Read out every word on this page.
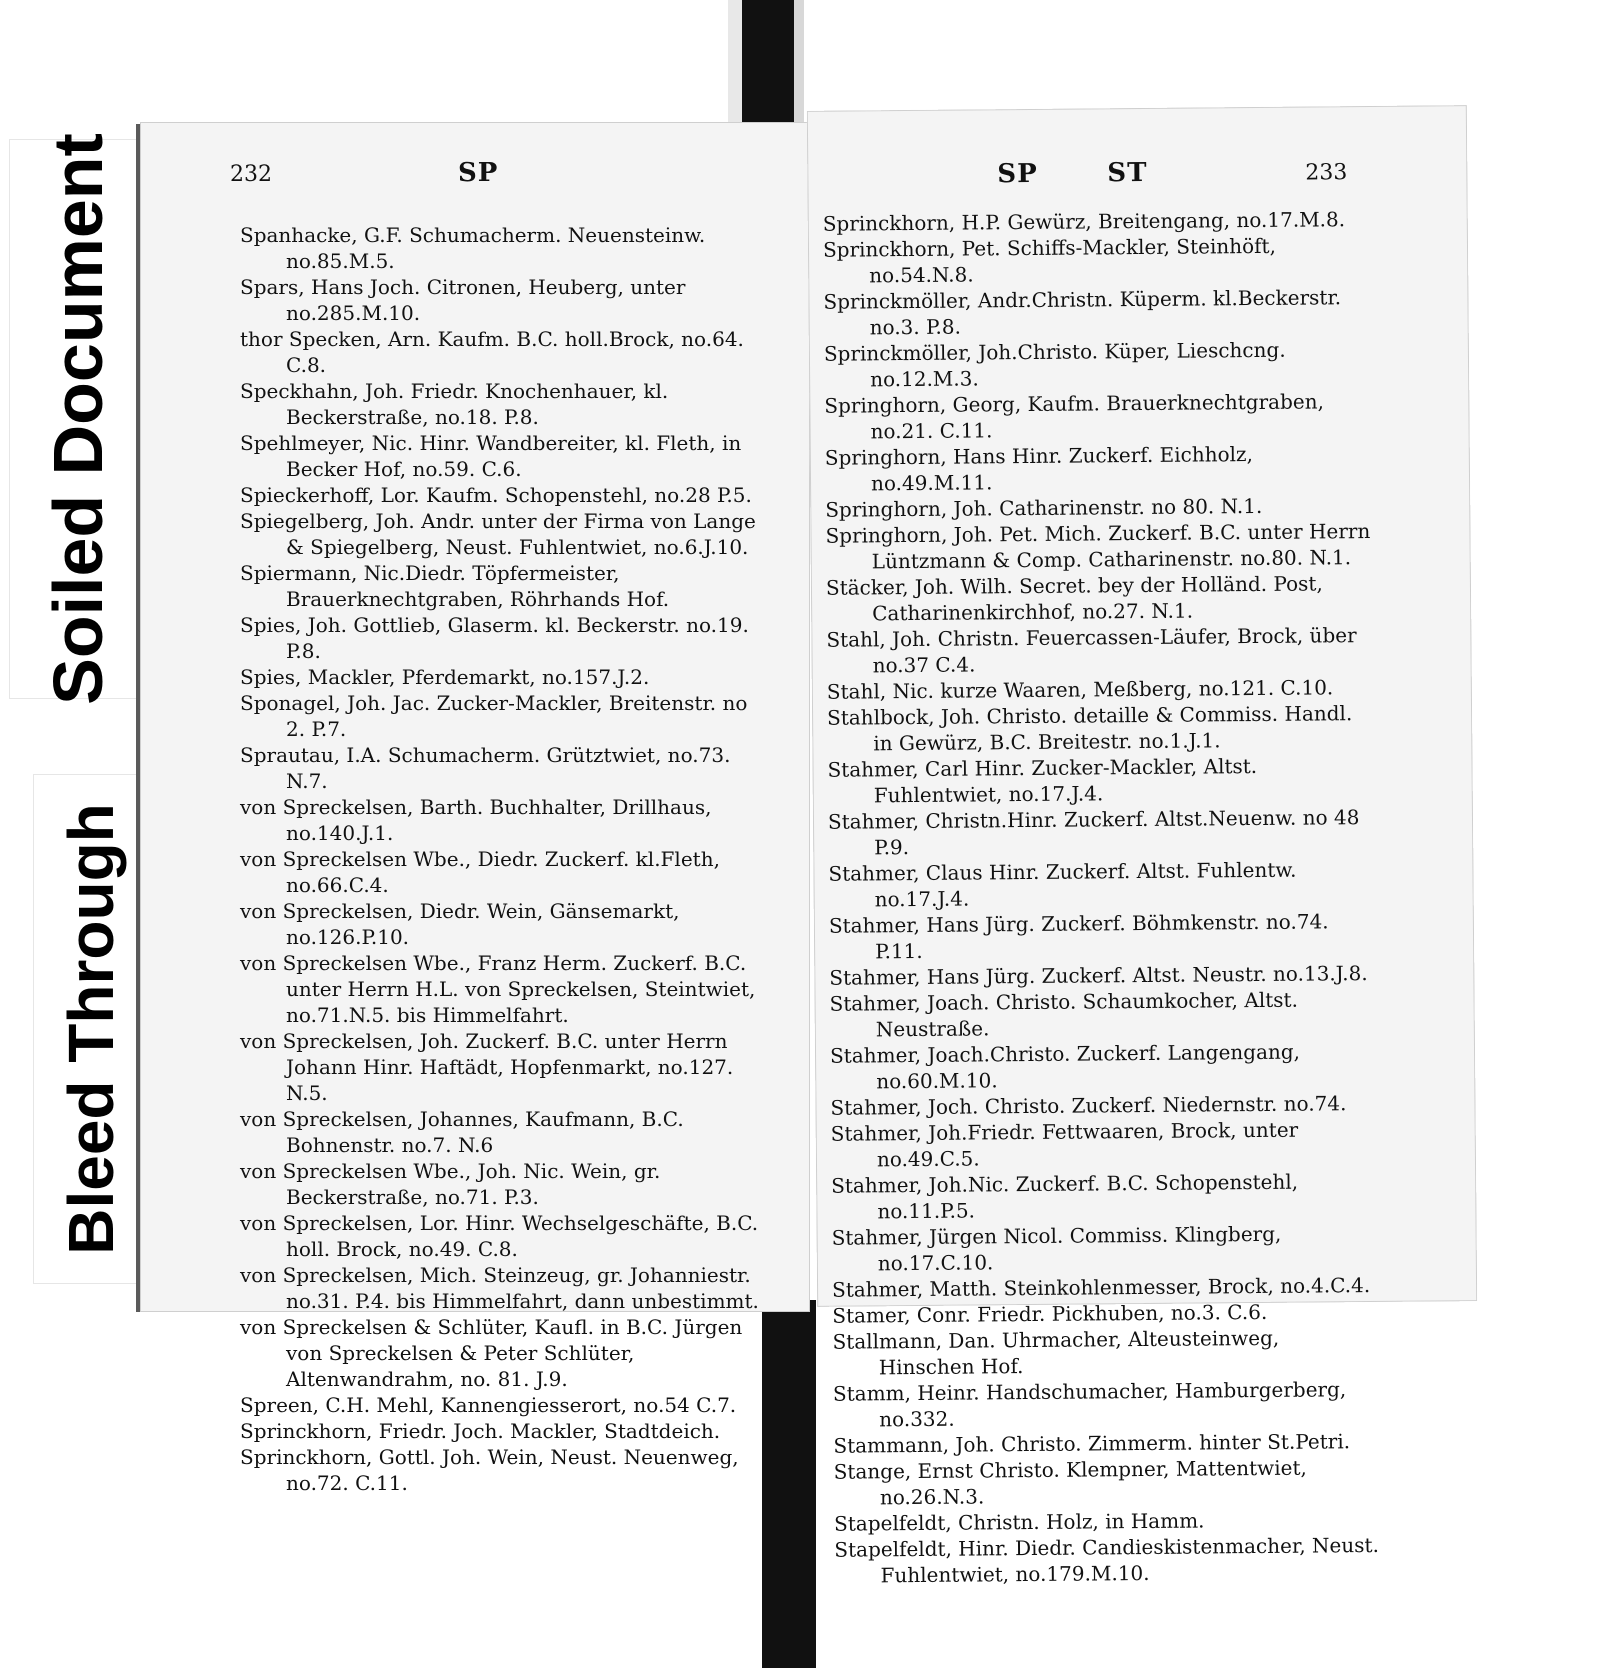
Soiled Document
Bleed Through
232	SP
Spanhacke, G.F. Schumacherm. Neuensteinw. no.85.M.5.
Spars, Hans Joch. Citronen, Heuberg, unter no.285.M.10.
thor Specken, Arn. Kaufm. B.C. holl.Brock, no.64. C.8.
Speckhahn, Joh. Friedr. Knochenhauer, kl. Beckerstraße, no.18. P.8.
Spehlmeyer, Nic. Hinr. Wandbereiter, kl. Fleth, in Becker Hof, no.59. C.6.
Spieckerhoff, Lor. Kaufm. Schopenstehl, no.28 P.5.
Spiegelberg, Joh. Andr. unter der Firma von Lange & Spiegelberg, Neust. Fuhlentwiet, no.6.J.10.
Spiermann, Nic.Diedr. Töpfermeister, Brauerknechtgraben, Röhrhands Hof.
Spies, Joh. Gottlieb, Glaserm. kl. Beckerstr. no.19. P.8.
Spies, Mackler, Pferdemarkt, no.157.J.2.
Sponagel, Joh. Jac. Zucker-Mackler, Breitenstr. no 2. P.7.
Sprautau, I.A. Schumacherm. Grütztwiet, no.73. N.7.
von Spreckelsen, Barth. Buchhalter, Drillhaus, no.140.J.1.
von Spreckelsen Wbe., Diedr. Zuckerf. kl.Fleth, no.66.C.4.
von Spreckelsen, Diedr. Wein, Gänsemarkt, no.126.P.10.
von Spreckelsen Wbe., Franz Herm. Zuckerf. B.C. unter Herrn H.L. von Spreckelsen, Steintwiet, no.71.N.5. bis Himmelfahrt.
von Spreckelsen, Joh. Zuckerf. B.C. unter Herrn Johann Hinr. Haftädt, Hopfenmarkt, no.127. N.5.
von Spreckelsen, Johannes, Kaufmann, B.C. Bohnenstr. no.7. N.6
von Spreckelsen Wbe., Joh. Nic. Wein, gr. Beckerstraße, no.71. P.3.
von Spreckelsen, Lor. Hinr. Wechselgeschäfte, B.C. holl. Brock, no.49. C.8.
von Spreckelsen, Mich. Steinzeug, gr. Johanniestr. no.31. P.4. bis Himmelfahrt, dann unbestimmt.
von Spreckelsen & Schlüter, Kaufl. in B.C. Jürgen von Spreckelsen & Peter Schlüter, Altenwandrahm, no. 81. J.9.
Spreen, C.H. Mehl, Kannengiesserort, no.54 C.7.
Sprinckhorn, Friedr. Joch. Mackler, Stadtdeich.
Sprinckhorn, Gottl. Joh. Wein, Neust. Neuenweg, no.72. C.11.
SP	ST	233
Sprinckhorn, H.P. Gewürz, Breitengang, no.17.M.8.
Sprinckhorn, Pet. Schiffs-Mackler, Steinhöft, no.54.N.8.
Sprinckmöller, Andr.Christn. Küperm. kl.Beckerstr. no.3. P.8.
Sprinckmöller, Joh.Christo. Küper, Lieschcng. no.12.M.3.
Springhorn, Georg, Kaufm. Brauerknechtgraben, no.21. C.11.
Springhorn, Hans Hinr. Zuckerf. Eichholz, no.49.M.11.
Springhorn, Joh. Catharinenstr. no 80. N.1.
Springhorn, Joh. Pet. Mich. Zuckerf. B.C. unter Herrn Lüntzmann & Comp. Catharinenstr. no.80. N.1.
Stäcker, Joh. Wilh. Secret. bey der Holländ. Post, Catharinenkirchhof, no.27. N.1.
Stahl, Joh. Christn. Feuercassen-Läufer, Brock, über no.37 C.4.
Stahl, Nic. kurze Waaren, Meßberg, no.121. C.10.
Stahlbock, Joh. Christo. detaille & Commiss. Handl. in Gewürz, B.C. Breitestr. no.1.J.1.
Stahmer, Carl Hinr. Zucker-Mackler, Altst. Fuhlentwiet, no.17.J.4.
Stahmer, Christn.Hinr. Zuckerf. Altst.Neuenw. no 48 P.9.
Stahmer, Claus Hinr. Zuckerf. Altst. Fuhlentw. no.17.J.4.
Stahmer, Hans Jürg. Zuckerf. Böhmkenstr. no.74. P.11.
Stahmer, Hans Jürg. Zuckerf. Altst. Neustr. no.13.J.8.
Stahmer, Joach. Christo. Schaumkocher, Altst. Neustraße.
Stahmer, Joach.Christo. Zuckerf. Langengang, no.60.M.10.
Stahmer, Joch. Christo. Zuckerf. Niedernstr. no.74.
Stahmer, Joh.Friedr. Fettwaaren, Brock, unter no.49.C.5.
Stahmer, Joh.Nic. Zuckerf. B.C. Schopenstehl, no.11.P.5.
Stahmer, Jürgen Nicol. Commiss. Klingberg, no.17.C.10.
Stahmer, Matth. Steinkohlenmesser, Brock, no.4.C.4.
Stamer, Conr. Friedr. Pickhuben, no.3. C.6.
Stallmann, Dan. Uhrmacher, Alteusteinweg, Hinschen Hof.
Stamm, Heinr. Handschumacher, Hamburgerberg, no.332.
Stammann, Joh. Christo. Zimmerm. hinter St.Petri.
Stange, Ernst Christo. Klempner, Mattentwiet, no.26.N.3.
Stapelfeldt, Christn. Holz, in Hamm.
Stapelfeldt, Hinr. Diedr. Candieskistenmacher, Neust. Fuhlentwiet, no.179.M.10.
